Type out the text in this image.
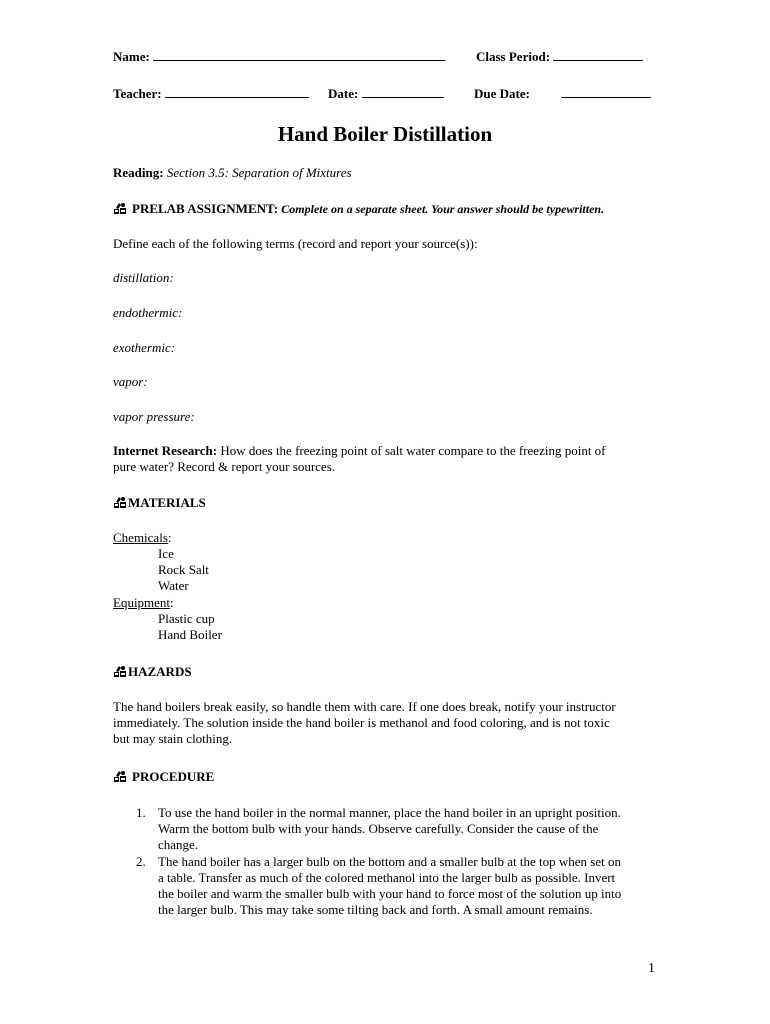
Name:	Class Period:
Teacher:	Date:	Due Date:
Hand Boiler Distillation
Reading: Section 3.5: Separation of Mixtures
PRELAB ASSIGNMENT: Complete on a separate sheet. Your answer should be typewritten.
Define each of the following terms (record and report your source(s)):
distillation:
endothermic:
exothermic:
vapor:
vapor pressure:
Internet Research: How does the freezing point of salt water compare to the freezing point of
pure water? Record & report your sources.
MATERIALS
Chemicals:
Ice
Rock Salt
Water
Equipment:
Plastic cup
Hand Boiler
HAZARDS
The hand boilers break easily, so handle them with care. If one does break, notify your instructor
immediately. The solution inside the hand boiler is methanol and food coloring, and is not toxic
but may stain clothing.
PROCEDURE
1. To use the hand boiler in the normal manner, place the hand boiler in an upright position.
Warm the bottom bulb with your hands. Observe carefully. Consider the cause of the
change.
2. The hand boiler has a larger bulb on the bottom and a smaller bulb at the top when set on
a table. Transfer as much of the colored methanol into the larger bulb as possible. Invert
the boiler and warm the smaller bulb with your hand to force most of the solution up into
the larger bulb. This may take some tilting back and forth. A small amount remains.
1
